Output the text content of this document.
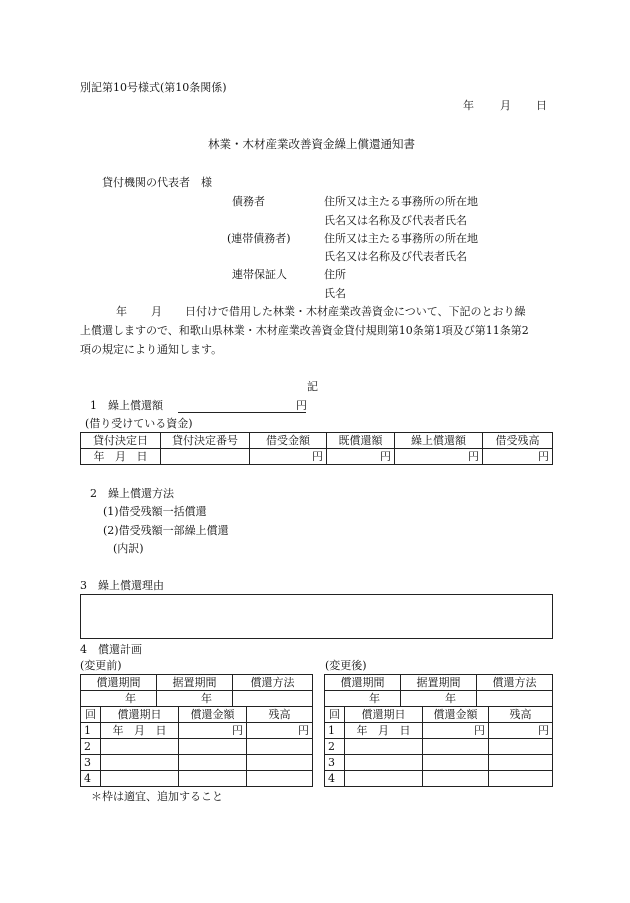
別記第10号様式(第10条関係)
年 月 日
林業・木材産業改善資金繰上償還通知書
貸付機関の代表者　様
債務者	住所又は主たる事務所の所在地
氏名又は名称及び代表者氏名
(連帯債務者)	住所又は主たる事務所の所在地
氏名又は名称及び代表者氏名
連帯保証人	住所
氏名
年 月 日付けで借用した林業・木材産業改善資金について、下記のとおり繰
上償還しますので、和歌山県林業・木材産業改善資金貸付規則第10条第1項及び第11条第2
項の規定により通知します。
記
1　繰上償還額	円
(借り受けている資金)
貸付決定日	貸付決定番号	借受金額	既償還額	繰上償還額	借受残高
年 月 日		円	円	円	円
2　繰上償還方法
(1)借受残額一括償還
(2)借受残額一部繰上償還
(内訳)
3　繰上償還理由
4　償還計画
(変更前)	(変更後)
償還期間	据置期間	償還方法
年	年	
回	償還期日	償還金額	残高
1	年 月 日	円	円
2			
3			
4			
償還期間	据置期間	償還方法
年	年	
回	償還期日	償還金額	残高
1	年 月 日	円	円
2			
3			
4			
＊枠は適宜、追加すること
